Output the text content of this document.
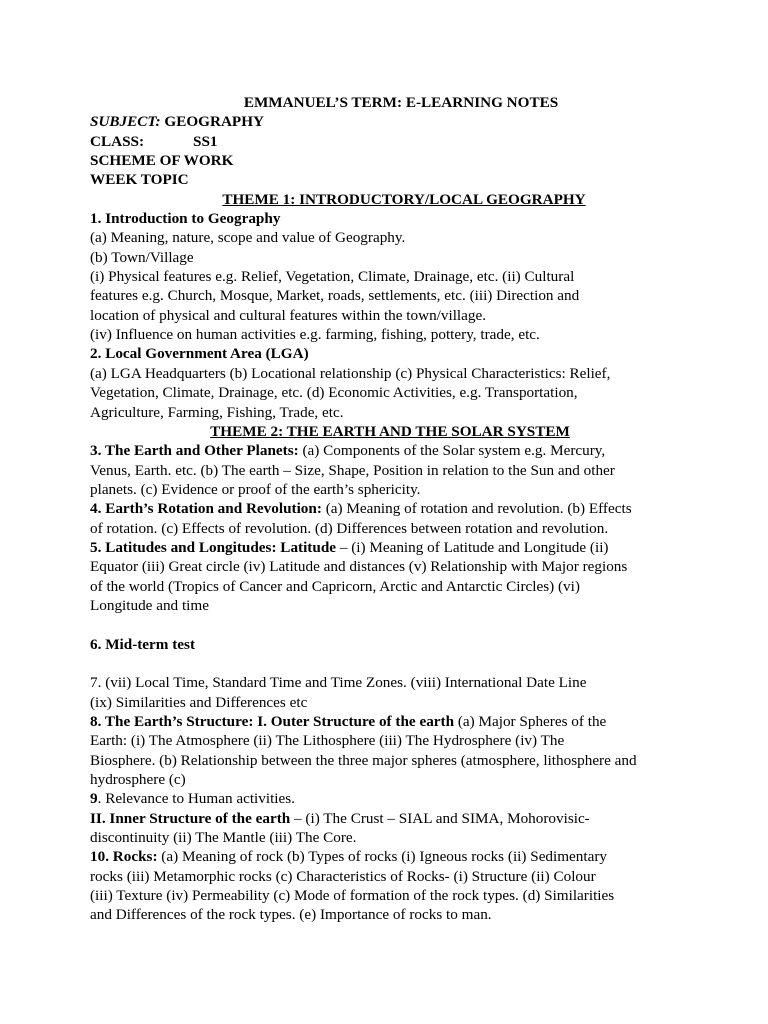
EMMANUEL’S TERM: E-LEARNING NOTES
SUBJECT: GEOGRAPHY
CLASS:	SS1
SCHEME OF WORK
WEEK TOPIC
THEME 1: INTRODUCTORY/LOCAL GEOGRAPHY
1. Introduction to Geography
(a) Meaning, nature, scope and value of Geography.
(b) Town/Village
(i) Physical features e.g. Relief, Vegetation, Climate, Drainage, etc. (ii) Cultural
features e.g. Church, Mosque, Market, roads, settlements, etc. (iii) Direction and
location of physical and cultural features within the town/village.
(iv) Influence on human activities e.g. farming, fishing, pottery, trade, etc.
2. Local Government Area (LGA)
(a) LGA Headquarters (b) Locational relationship (c) Physical Characteristics: Relief,
Vegetation, Climate, Drainage, etc. (d) Economic Activities, e.g. Transportation,
Agriculture, Farming, Fishing, Trade, etc.
THEME 2: THE EARTH AND THE SOLAR SYSTEM
3. The Earth and Other Planets: (a) Components of the Solar system e.g. Mercury,
Venus, Earth. etc. (b) The earth – Size, Shape, Position in relation to the Sun and other
planets. (c) Evidence or proof of the earth’s sphericity.
4. Earth’s Rotation and Revolution: (a) Meaning of rotation and revolution. (b) Effects
of rotation. (c) Effects of revolution. (d) Differences between rotation and revolution.
5. Latitudes and Longitudes: Latitude – (i) Meaning of Latitude and Longitude (ii)
Equator (iii) Great circle (iv) Latitude and distances (v) Relationship with Major regions
of the world (Tropics of Cancer and Capricorn, Arctic and Antarctic Circles) (vi)
Longitude and time
6. Mid-term test
7. (vii) Local Time, Standard Time and Time Zones. (viii) International Date Line
(ix) Similarities and Differences etc
8. The Earth’s Structure: I. Outer Structure of the earth (a) Major Spheres of the
Earth: (i) The Atmosphere (ii) The Lithosphere (iii) The Hydrosphere (iv) The
Biosphere. (b) Relationship between the three major spheres (atmosphere, lithosphere and
hydrosphere (c)
9. Relevance to Human activities.
II. Inner Structure of the earth – (i) The Crust – SIAL and SIMA, Mohorovisic-
discontinuity (ii) The Mantle (iii) The Core.
10. Rocks: (a) Meaning of rock (b) Types of rocks (i) Igneous rocks (ii) Sedimentary
rocks (iii) Metamorphic rocks (c) Characteristics of Rocks- (i) Structure (ii) Colour
(iii) Texture (iv) Permeability (c) Mode of formation of the rock types. (d) Similarities
and Differences of the rock types. (e) Importance of rocks to man.
